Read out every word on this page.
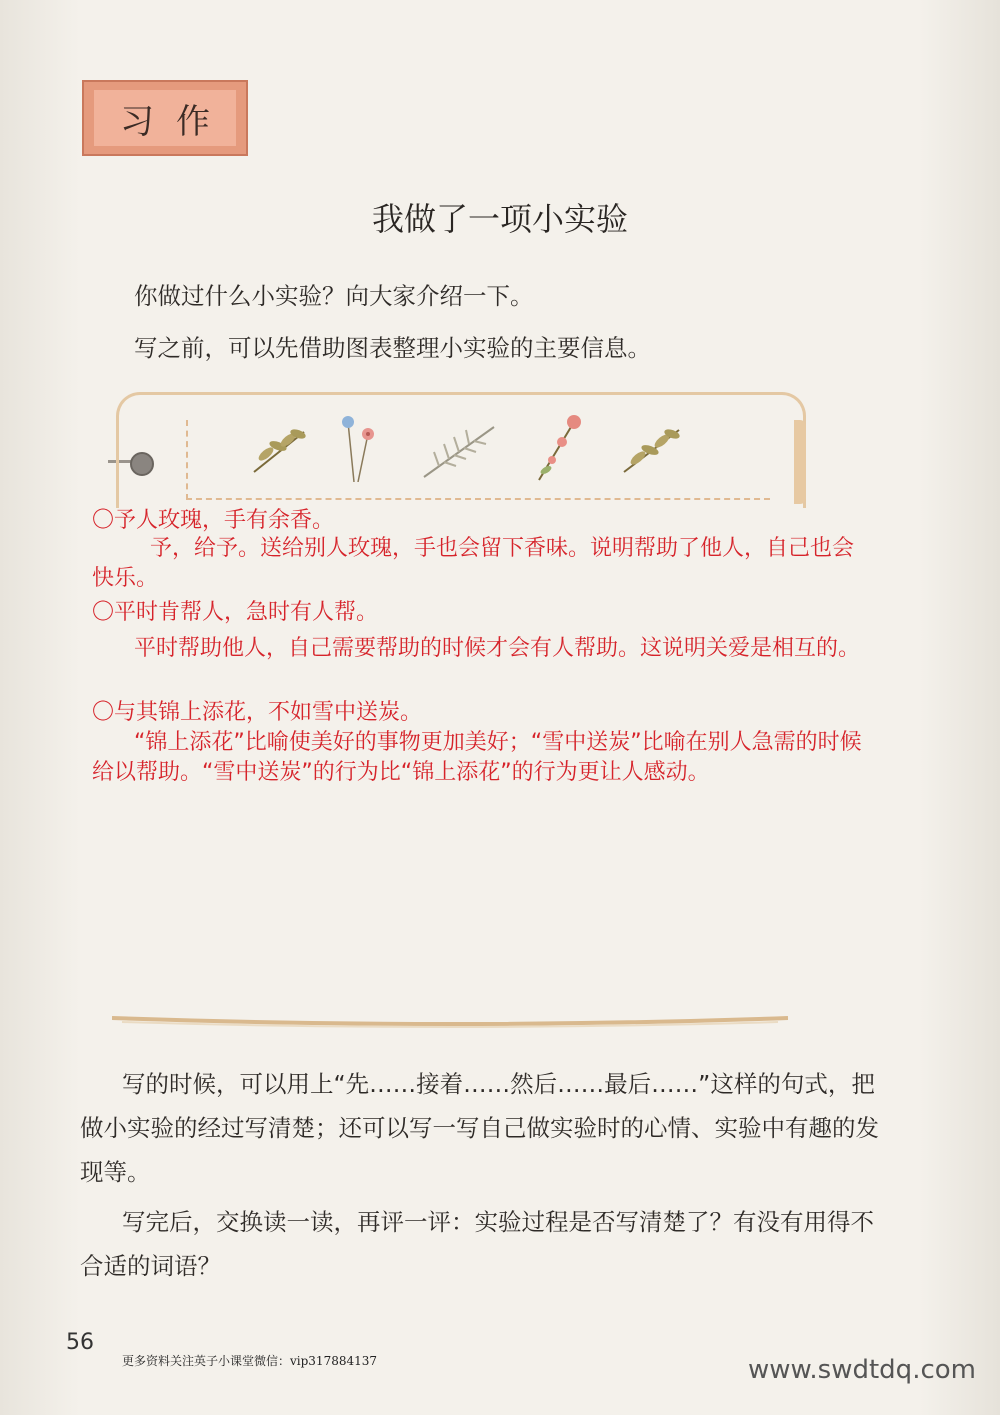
习作
我做了一项小实验
你做过什么小实验？向大家介绍一下。
写之前，可以先借助图表整理小实验的主要信息。
〇予人玫瑰，手有余香。
予，给予。送给别人玫瑰，手也会留下香味。说明帮助了他人，自己也会快乐。
〇平时肯帮人，急时有人帮。
平时帮助他人，自己需要帮助的时候才会有人帮助。这说明关爱是相互的。
〇与其锦上添花，不如雪中送炭。
“锦上添花”比喻使美好的事物更加美好；“雪中送炭”比喻在别人急需的时候给以帮助。“雪中送炭”的行为比“锦上添花”的行为更让人感动。
写的时候，可以用上“先……接着……然后……最后……”这样的句式，把做小实验的经过写清楚；还可以写一写自己做实验时的心情、实验中有趣的发现等。
写完后，交换读一读，再评一评：实验过程是否写清楚了？有没有用得不合适的词语？
56
更多资料关注英子小课堂微信：vip317884137	www.swdtdq.com
